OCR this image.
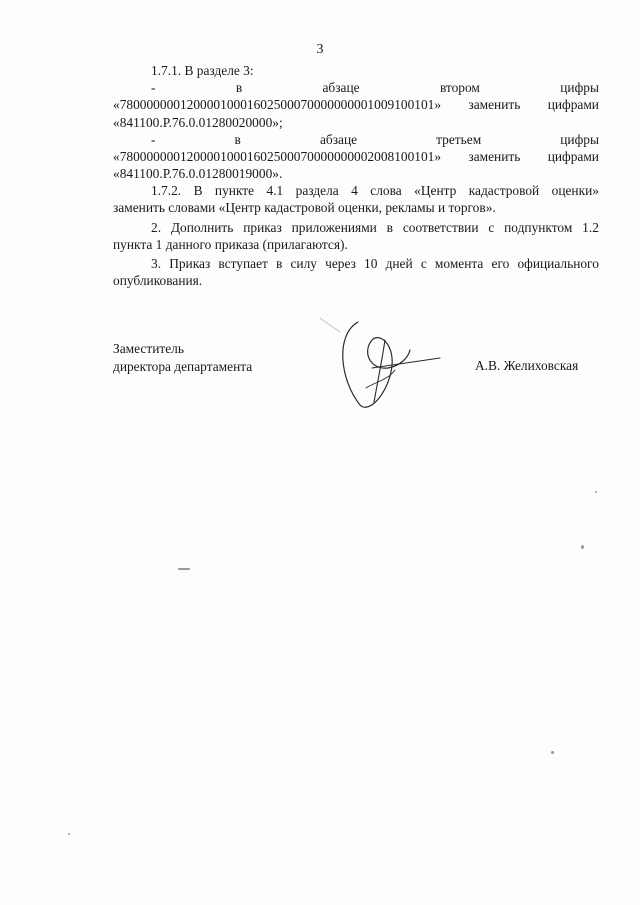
3
1.7.1. В разделе 3:
-	в	абзаце	втором	цифры
«78000000012000010001602500070000000001009100101» заменить цифрами
«841100.Р.76.0.01280020000»;
-	в	абзаце	третьем	цифры
«78000000012000010001602500070000000002008100101» заменить цифрами
«841100.Р.76.0.01280019000».
1.7.2. В пункте 4.1 раздела 4 слова «Центр кадастровой оценки»
заменить словами «Центр кадастровой оценки, рекламы и торгов».
2. Дополнить приказ приложениями в соответствии с подпунктом 1.2
пункта 1 данного приказа (прилагаются).
3. Приказ вступает в силу через 10 дней с момента его официального
опубликования.
Заместитель
директора департамента	А.В. Желиховская
